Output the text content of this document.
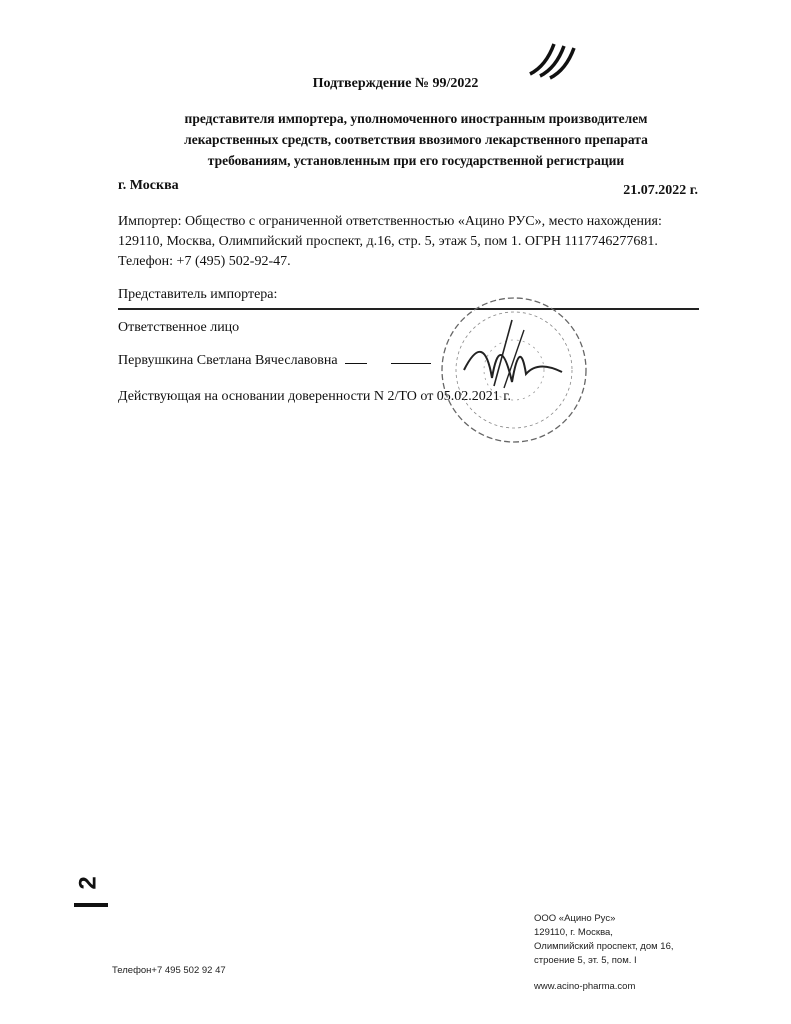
Подтверждение № 99/2022
представителя импортера, уполномоченного иностранным производителем
лекарственных средств, соответствия ввозимого лекарственного препарата
требованиям, установленным при его государственной регистрации
г. Москва	21.07.2022 г.
Импортер: Общество с ограниченной ответственностью «Ацино РУС», место нахождения:
129110, Москва, Олимпийский проспект, д.16, стр. 5, этаж 5, пом 1. ОГРН 1117746277681.
Телефон: +7 (495) 502-92-47.
Представитель импортера:
Ответственное лицо
Первушкина Светлана Вячеславовна
Действующая на основании доверенности N 2/ТО от 05.02.2021 г.
2
Телефон+7 495 502 92 47
ООО «Ацино Рус»
129110, г. Москва,
Олимпийский проспект, дом 16,
строение 5, эт. 5, пом. I
www.acino-pharma.com
